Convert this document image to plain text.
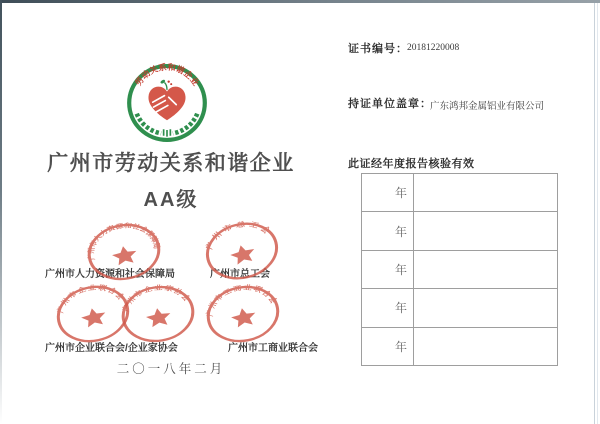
劳动关系和谐企业
广州市劳动关系和谐企业
AA级
广州市人力资源和社会保障局	广州市总工会
广州市企业联合会/企业家协会	广州市工商业联合会
广州市人力资源和社会保障局	广州市总工会
广州市企业联合会
广州市企业家协会
广州市工商业联合会
二〇一八年二月
证书编号： 20181220008
持证单位盖章：
广东鸿邦金属铝业有限公司
此证经年度报告核验有效
年
年
年
年
年
